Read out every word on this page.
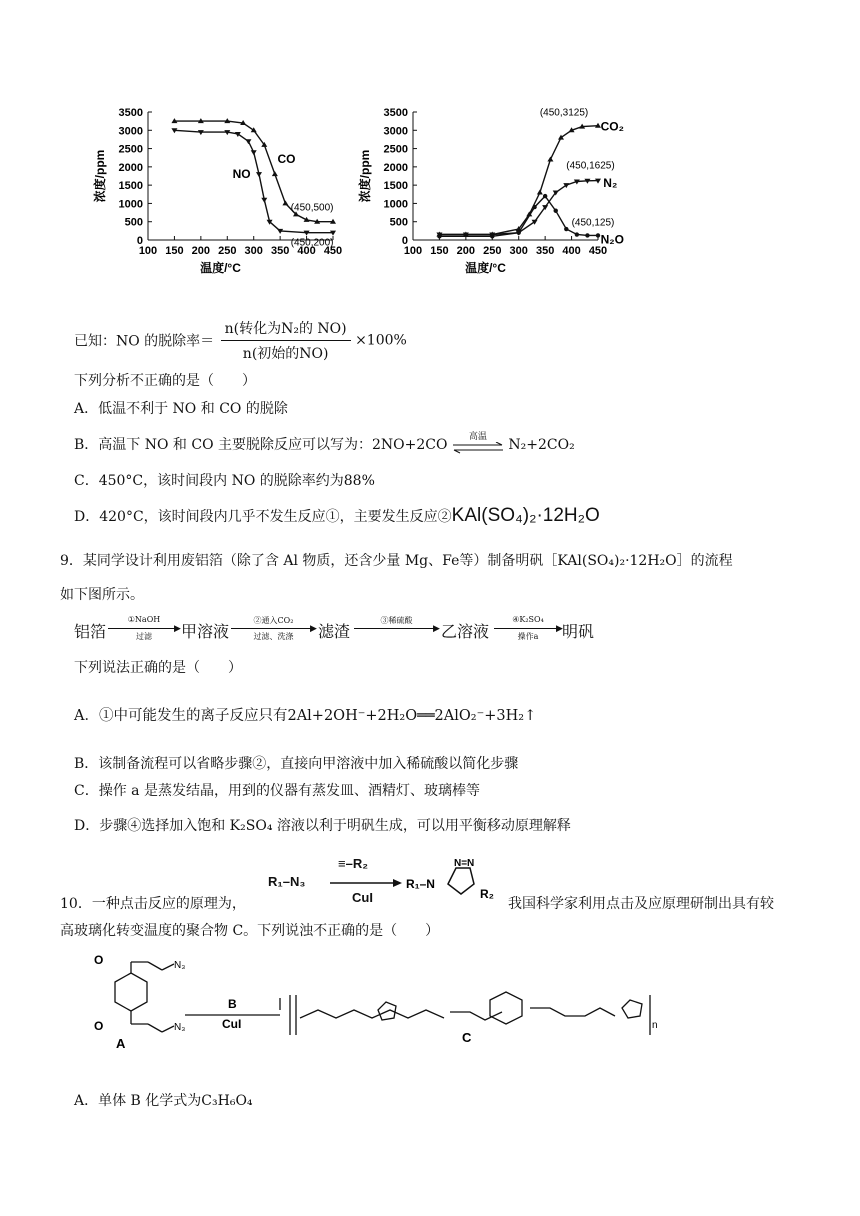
0
500
1000
1500
2000
2500
3000
3500
100 150 200 250 300 350 400 450
温度/°C
浓度/ppm	CO
NO
(450,500)
(450,200)	0
500
1000
1500
2000
2500
3000
3500
100 150 200 250 300 350 400 450
温度/°C
浓度/ppm
CO₂
N₂
N₂O
(450,3125)
(450,1625)
(450,125)
已知：NO 的脱除率＝
n(转化为N₂的 NO)
n(初始的NO)
×100%
下列分析不正确的是（　　）
A．低温不利于 NO 和 CO 的脱除
B．高温下 NO 和 CO 主要脱除反应可以写为：2NO+2CO	高温	N₂+2CO₂
C．450°C，该时间段内 NO 的脱除率约为88%
D．420°C，该时间段内几乎不发生反应①，主要发生反应②KAl(SO₄)₂·12H₂O
9．某同学设计利用废铝箔（除了含 Al 物质，还含少量 Mg、Fe等）制备明矾［KAl(SO₄)₂·12H₂O］的流程
如下图所示。
铝箔
①NaOH
▶
过滤	甲溶液
②通入CO₂
▶
过滤、洗涤	滤渣
③稀硫酸
▶ 乙溶液
④K₂SO₄
▶
操作a	明矾
下列说法正确的是（　　）
A．①中可能发生的离子反应只有2Al+2OH⁻+2H₂O══2AlO₂⁻+3H₂↑
B．该制备流程可以省略步骤②，直接向甲溶液中加入稀硫酸以简化步骤
C．操作 a 是蒸发结晶，用到的仪器有蒸发皿、酒精灯、玻璃棒等
D．步骤④选择加入饱和 K₂SO₄ 溶液以利于明矾生成，可以用平衡移动原理解释
10．一种点击反应的原理为，
R₁–N₃
≡–R₂
CuI
R₁–N
N=N
R₂
我国科学家利用点击及应原理研制出具有较
高玻璃化转变温度的聚合物 C。下列说浊不正确的是（　　）
O	N₃
N₃
O	n
B
CuI
A	C
A．单体 B 化学式为C₃H₆O₄
